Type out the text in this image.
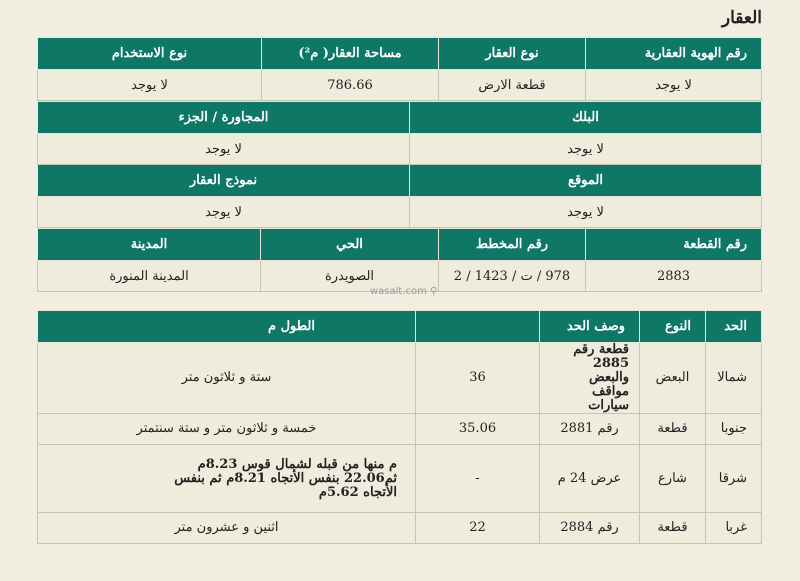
العقار
رقم الهوية العقارية	نوع العقار	مساحة العقار( م²)	نوع الاستخدام
لا يوجد	قطعة الارض	786.66	لا يوجد
البلك	المجاورة / الجزء
لا يوجد	لا يوجد
الموقع	نموذج العقار
لا يوجد	لا يوجد
رقم القطعة	رقم المخطط	الحي	المدينة
2883	978 / ت / 1423 / 2	الصويدرة	المدينة المنورة
wasalt.com ⚲
الحد	النوع	وصف الحد		الطول م
شمالا	البعض	قطعة رقم 2885 والبعض مواقف سيارات	36	ستة و ثلاثون متر
جنوبا	قطعة	رقم 2881	35.06	خمسة و ثلاثون متر و ستة سنتمتر
شرقا	شارع	عرض 24 م	-	م منها من قبله لشمال قوس 8.23م ثم22.06 بنفس الأتجاه 8.21م ثم بنفس الأتجاه 5.62م
غربا	قطعة	رقم 2884	22	اثنين و عشرون متر
